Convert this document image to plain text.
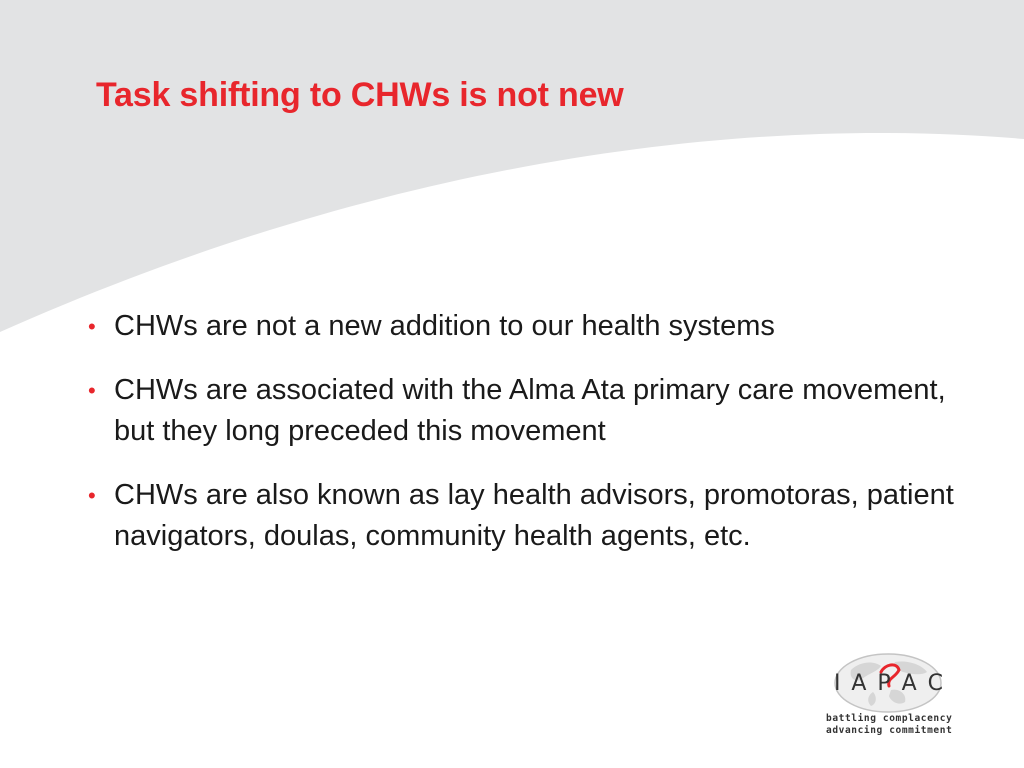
Task shifting to CHWs is not new
• CHWs are not a new addition to our health systems
• CHWs are associated with the Alma Ata primary care movement, but they long preceded this movement
• CHWs are also known as lay health advisors, promotoras, patient navigators, doulas, community health agents, etc.
I A P A C
battling complacency
advancing commitment
